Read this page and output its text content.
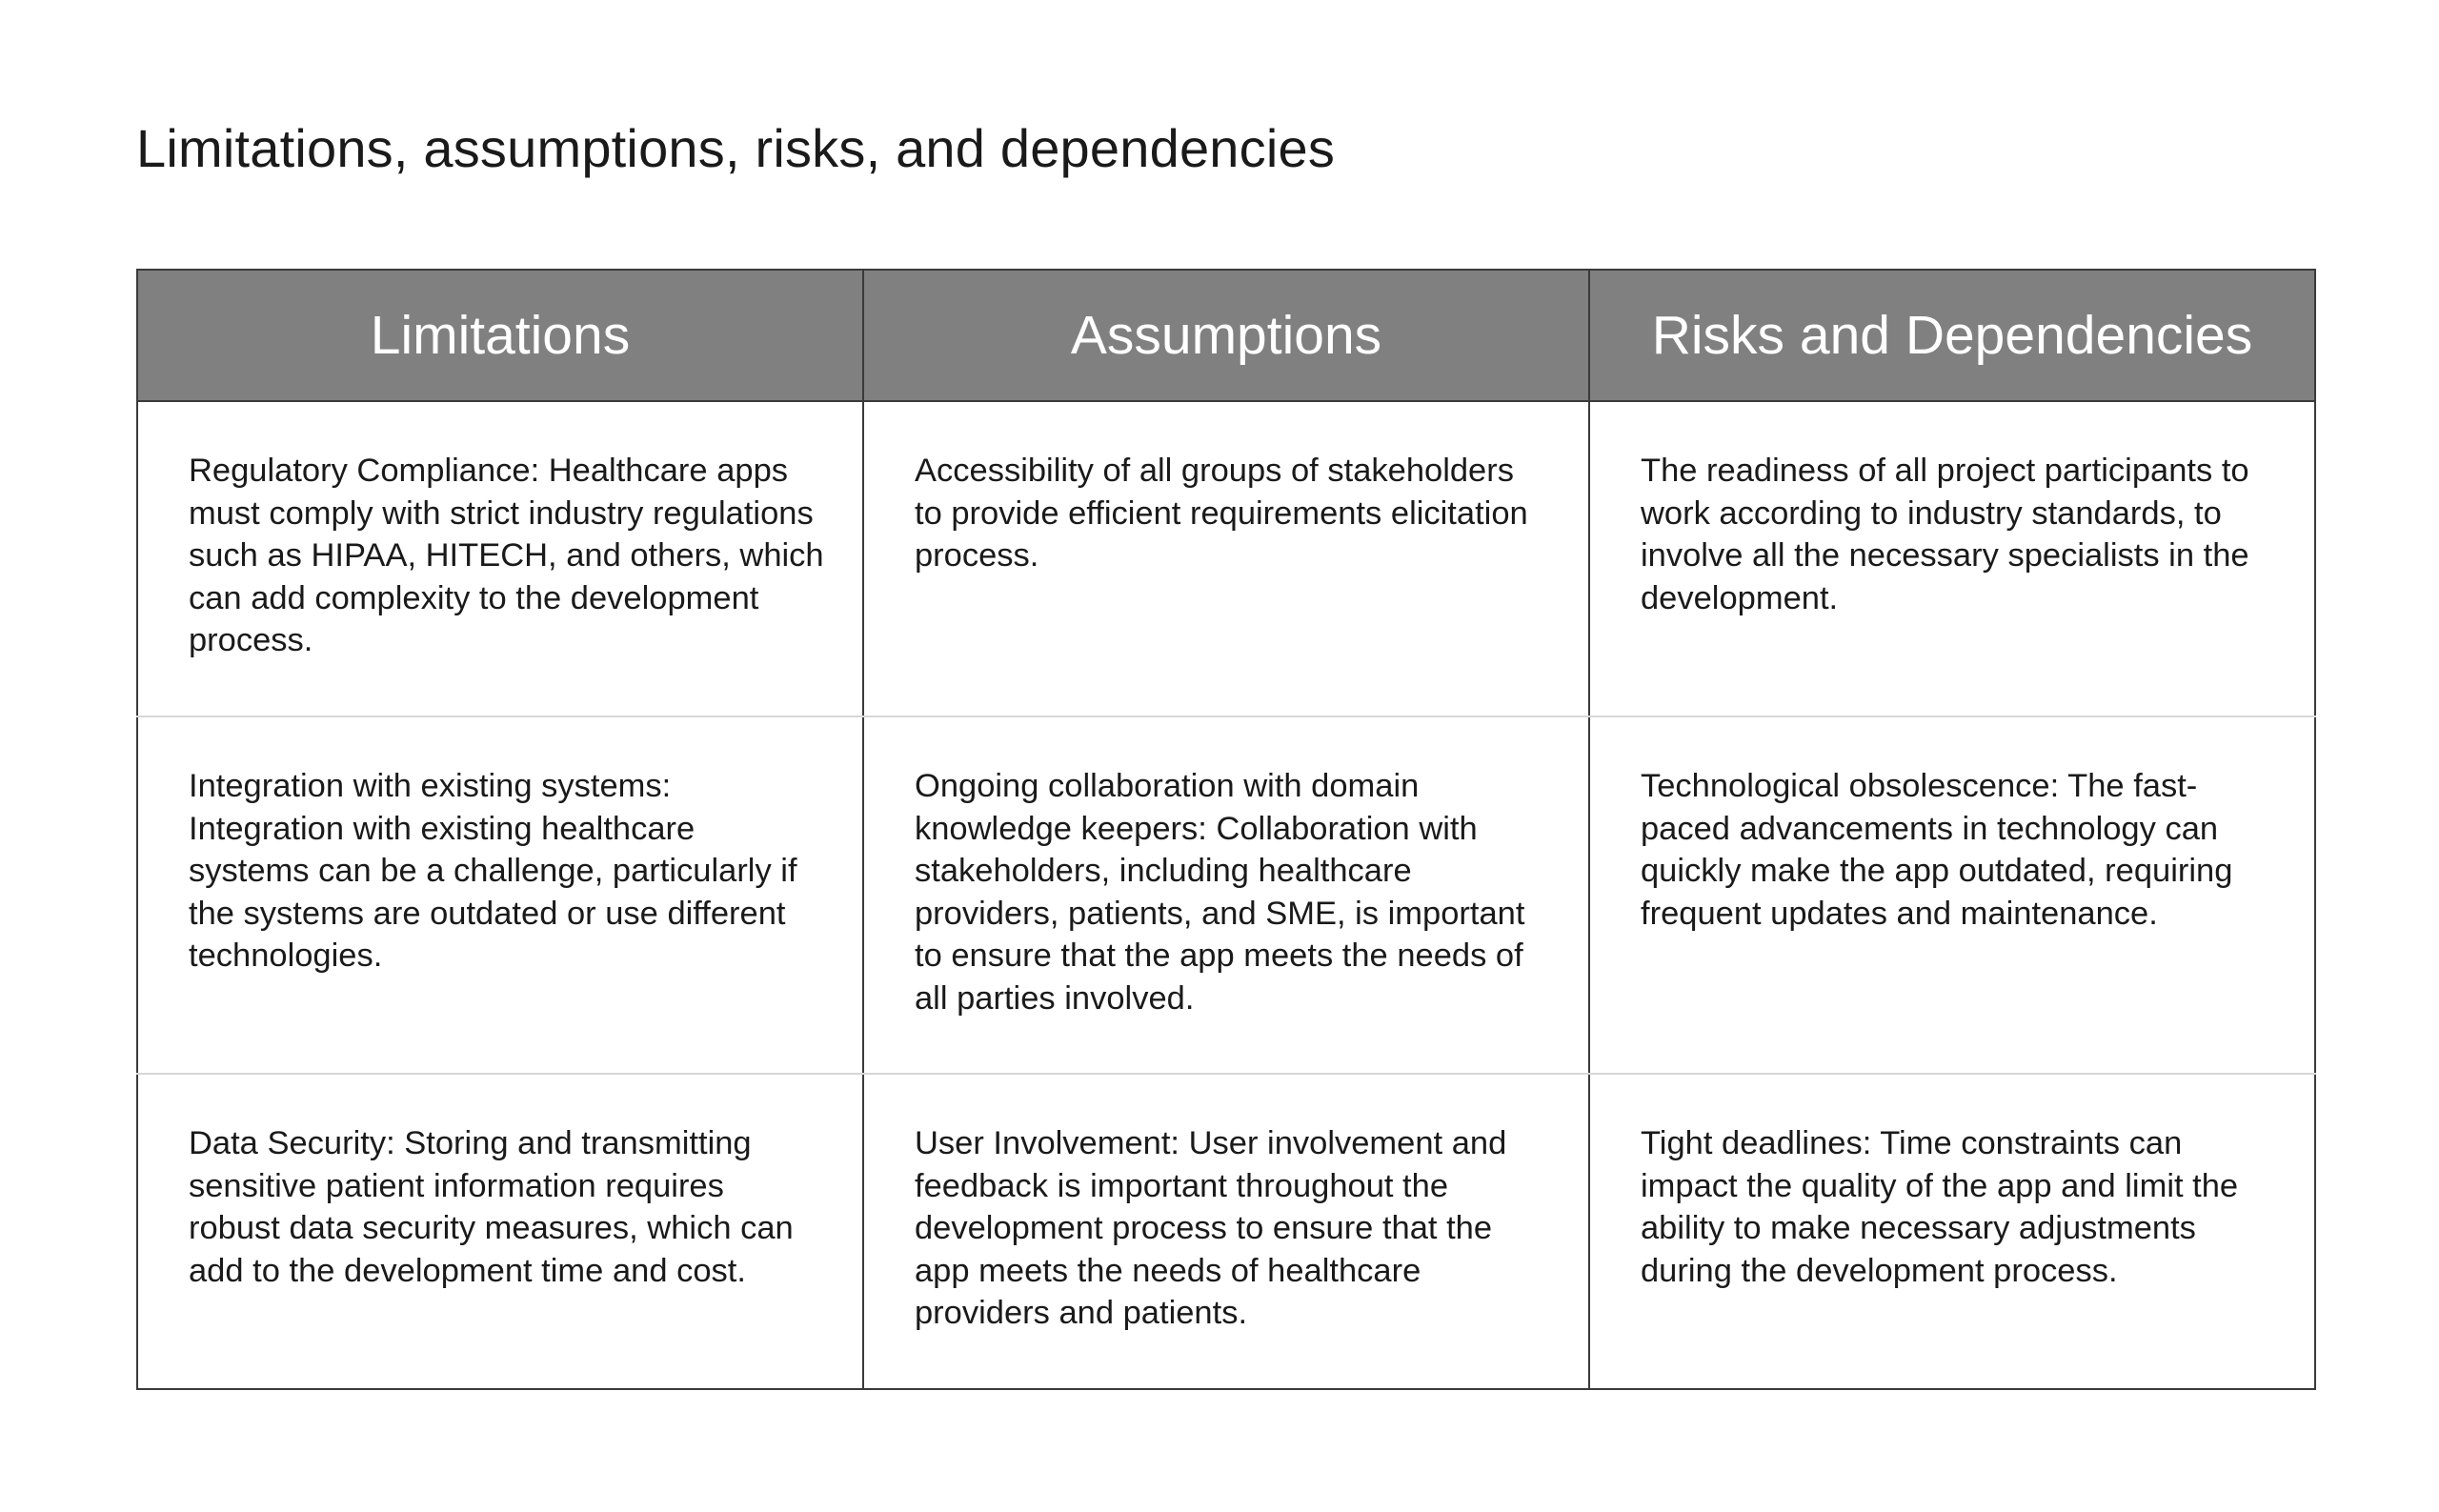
Limitations, assumptions, risks, and dependencies
Limitations	Assumptions	Risks and Dependencies
Regulatory Compliance: Healthcare apps must comply with strict industry regulations such as HIPAA, HITECH, and others, which can add complexity to the development process.	Accessibility of all groups of stakeholders to provide efficient requirements elicitation process.	The readiness of all project participants to work according to industry standards, to involve all the necessary specialists in the development.
Integration with existing systems: Integration with existing healthcare systems can be a challenge, particularly if the systems are outdated or use different technologies.	Ongoing collaboration with domain knowledge keepers: Collaboration with stakeholders, including healthcare providers, patients, and SME, is important to ensure that the app meets the needs of all parties involved.	Technological obsolescence: The fast-paced advancements in technology can quickly make the app outdated, requiring frequent updates and maintenance.
Data Security: Storing and transmitting sensitive patient information requires robust data security measures, which can add to the development time and cost.	User Involvement: User involvement and feedback is important throughout the development process to ensure that the app meets the needs of healthcare providers and patients.	Tight deadlines: Time constraints can impact the quality of the app and limit the ability to make necessary adjustments during the development process.
